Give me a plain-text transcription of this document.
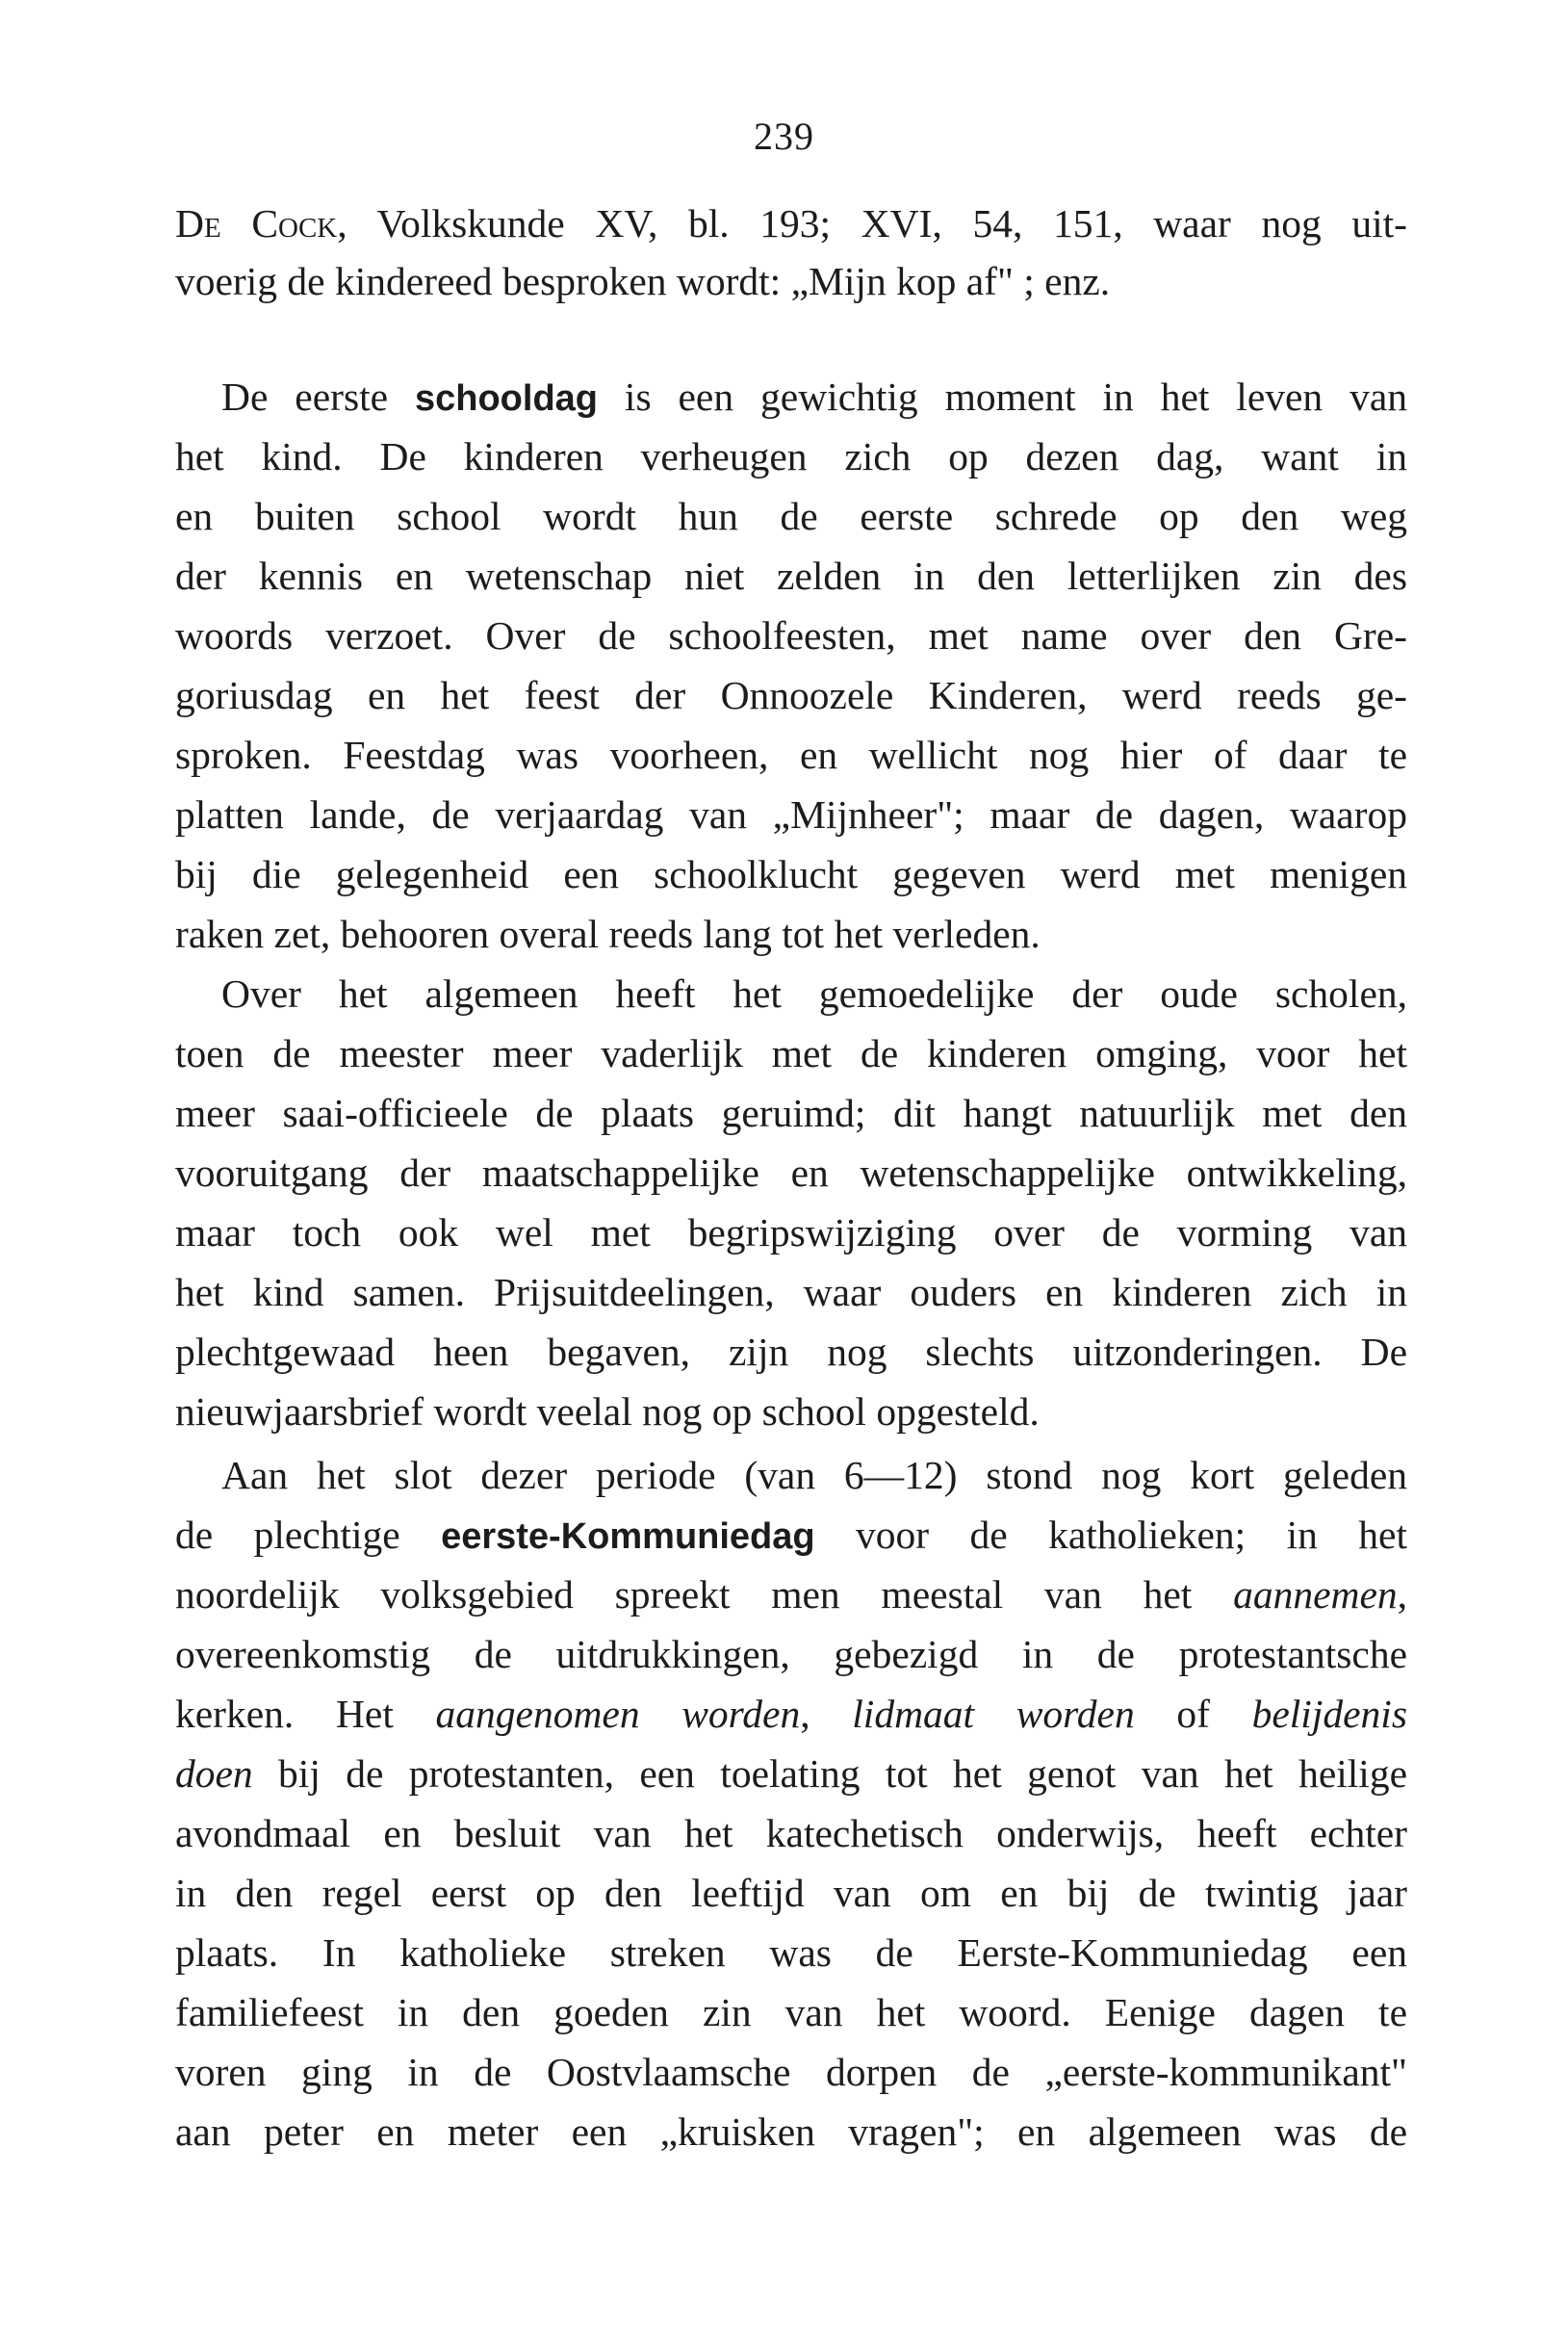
239
De Cock, Volkskunde XV, bl. 193; XVI, 54, 151, waar nog uit-
voerig de kindereed besproken wordt: „Mijn kop af" ; enz.
De eerste schooldag is een gewichtig moment in het leven van
het kind. De kinderen verheugen zich op dezen dag, want in
en buiten school wordt hun de eerste schrede op den weg
der kennis en wetenschap niet zelden in den letterlijken zin des
woords verzoet. Over de schoolfeesten, met name over den Gre-
goriusdag en het feest der Onnoozele Kinderen, werd reeds ge-
sproken. Feestdag was voorheen, en wellicht nog hier of daar te
platten lande, de verjaardag van „Mijnheer"; maar de dagen, waarop
bij die gelegenheid een schoolklucht gegeven werd met menigen
raken zet, behooren overal reeds lang tot het verleden.
Over het algemeen heeft het gemoedelijke der oude scholen,
toen de meester meer vaderlijk met de kinderen omging, voor het
meer saai-officieele de plaats geruimd; dit hangt natuurlijk met den
vooruitgang der maatschappelijke en wetenschappelijke ontwikkeling,
maar toch ook wel met begripswijziging over de vorming van
het kind samen. Prijsuitdeelingen, waar ouders en kinderen zich in
plechtgewaad heen begaven, zijn nog slechts uitzonderingen. De
nieuwjaarsbrief wordt veelal nog op school opgesteld.
Aan het slot dezer periode (van 6—12) stond nog kort geleden
de plechtige eerste-Kommuniedag voor de katholieken; in het
noordelijk volksgebied spreekt men meestal van het aannemen,
overeenkomstig de uitdrukkingen, gebezigd in de protestantsche
kerken. Het aangenomen worden, lidmaat worden of belijdenis
doen bij de protestanten, een toelating tot het genot van het heilige
avondmaal en besluit van het katechetisch onderwijs, heeft echter
in den regel eerst op den leeftijd van om en bij de twintig jaar
plaats. In katholieke streken was de Eerste-Kommuniedag een
familiefeest in den goeden zin van het woord. Eenige dagen te
voren ging in de Oostvlaamsche dorpen de „eerste-kommunikant"
aan peter en meter een „kruisken vragen"; en algemeen was de
